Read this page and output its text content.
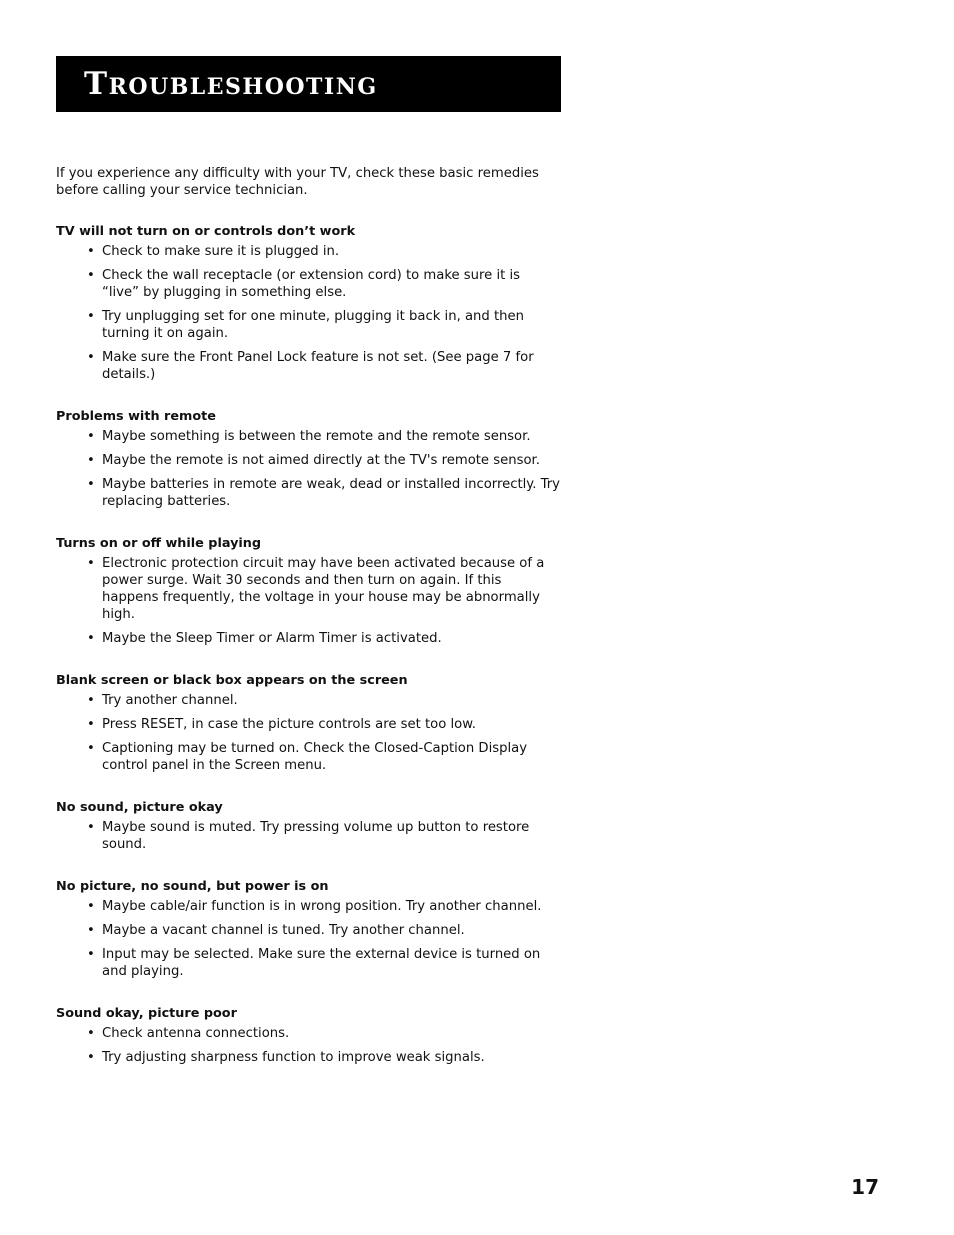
Troubleshooting

If you experience any difficulty with your TV, check these basic remedies before calling your service technician.

TV will not turn on or controls don’t work
• Check to make sure it is plugged in.
• Check the wall receptacle (or extension cord) to make sure it is “live” by plugging in something else.
• Try unplugging set for one minute, plugging it back in, and then turning it on again.
• Make sure the Front Panel Lock feature is not set. (See page 7 for details.)
Problems with remote
• Maybe something is between the remote and the remote sensor.
• Maybe the remote is not aimed directly at the TV's remote sensor.
• Maybe batteries in remote are weak, dead or installed incorrectly. Try replacing batteries.
Turns on or off while playing
• Electronic protection circuit may have been activated because of a power surge. Wait 30 seconds and then turn on again. If this happens frequently, the voltage in your house may be abnormally high.
• Maybe the Sleep Timer or Alarm Timer is activated.
Blank screen or black box appears on the screen
• Try another channel.
• Press RESET, in case the picture controls are set too low.
• Captioning may be turned on. Check the Closed-Caption Display control panel in the Screen menu.
No sound, picture okay
• Maybe sound is muted. Try pressing volume up button to restore sound.
No picture, no sound, but power is on
• Maybe cable/air function is in wrong position. Try another channel.
• Maybe a vacant channel is tuned. Try another channel.
• Input may be selected. Make sure the external device is turned on and playing.
Sound okay, picture poor
• Check antenna connections.
• Try adjusting sharpness function to improve weak signals.
17
